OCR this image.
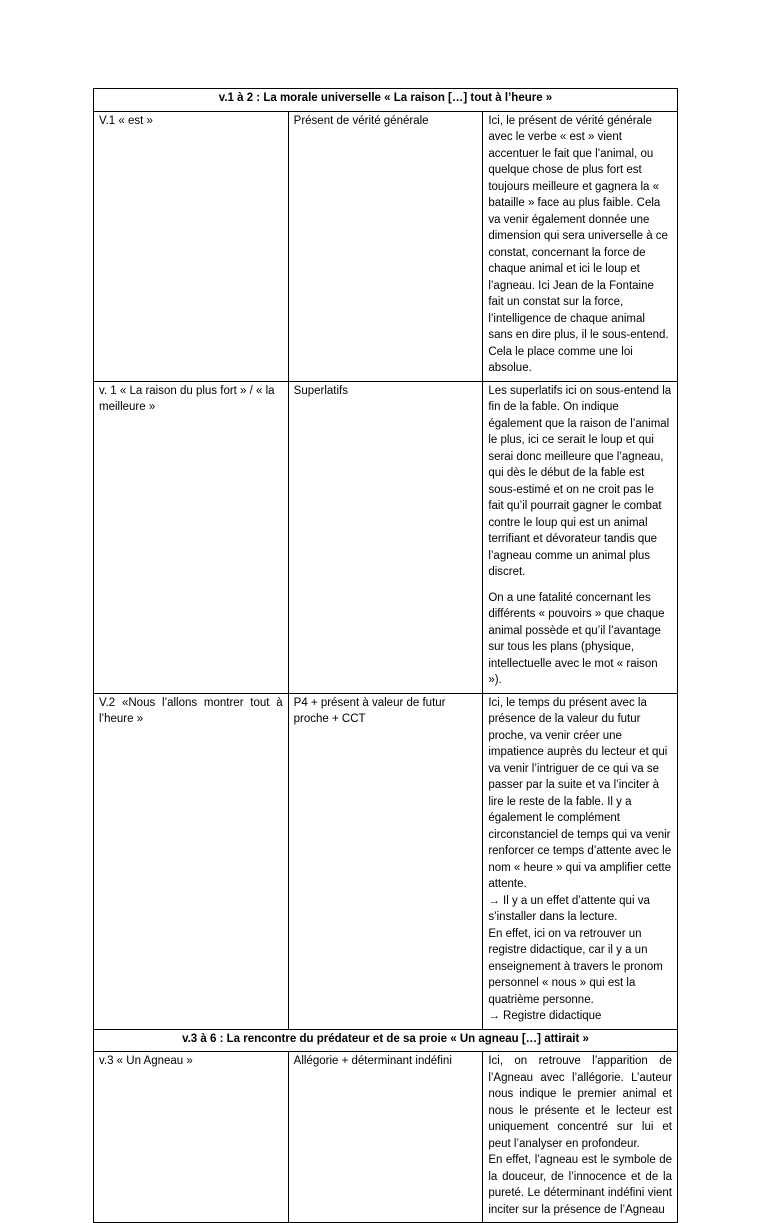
v.1 à 2 : La morale universelle « La raison […] tout à l’heure »		
V.1 « est »	Présent de vérité générale	Ici, le présent de vérité générale avec le verbe « est » vient accentuer le fait que l’animal, ou quelque chose de plus fort est toujours meilleure et gagnera la « bataille » face au plus faible. Cela va venir également donnée une dimension qui sera universelle à ce constat, concernant la force de chaque animal et ici le loup et l’agneau. Ici Jean de la Fontaine fait un constat sur la force, l’intelligence de chaque animal sans en dire plus, il le sous-entend. Cela le place comme une loi absolue.

v. 1 « La raison du plus fort » / « la meilleure »	Superlatifs	Les superlatifs ici on sous-entend la fin de la fable. On indique également que la raison de l’animal le plus, ici ce serait le loup et qui serai donc meilleure que l’agneau, qui dès le début de la fable est sous-estimé et on ne croit pas le fait qu’il pourrait gagner le combat contre le loup qui est un animal terrifiant et dévorateur tandis que l’agneau comme un animal plus discret.

On a une fatalité concernant les différents « pouvoirs » que chaque animal possède et qu’il l’avantage sur tous les plans (physique, intellectuelle avec le mot « raison »).

V.2 «Nous l’allons montrer tout à l’heure »	P4 + présent à valeur de futur proche + CCT	Ici, le temps du présent avec la présence de la valeur du futur proche, va venir créer une impatience auprès du lecteur et qui va venir l’intriguer de ce qui va se passer par la suite et va l’inciter à lire le reste de la fable. Il y a également le complément circonstanciel de temps qui va venir renforcer ce temps d’attente avec le nom « heure » qui va amplifier cette attente.

→ Il y a un effet d’attente qui va s’installer dans la lecture.

En effet, ici on va retrouver un registre didactique, car il y a un enseignement à travers le pronom personnel « nous » qui est la quatrième personne.

→ Registre didactique

v.3 à 6 : La rencontre du prédateur et de sa proie « Un agneau […] attirait »		
v.3 « Un Agneau »	Allégorie + déterminant indéfini	Ici, on retrouve l’apparition de l’Agneau avec l’allégorie. L’auteur nous indique le premier animal et nous le présente et le lecteur est uniquement concentré sur lui et peut l’analyser en profondeur.

En effet, l’agneau est le symbole de la douceur, de l’innocence et de la pureté. Le déterminant indéfini vient inciter sur la présence de l’Agneau
